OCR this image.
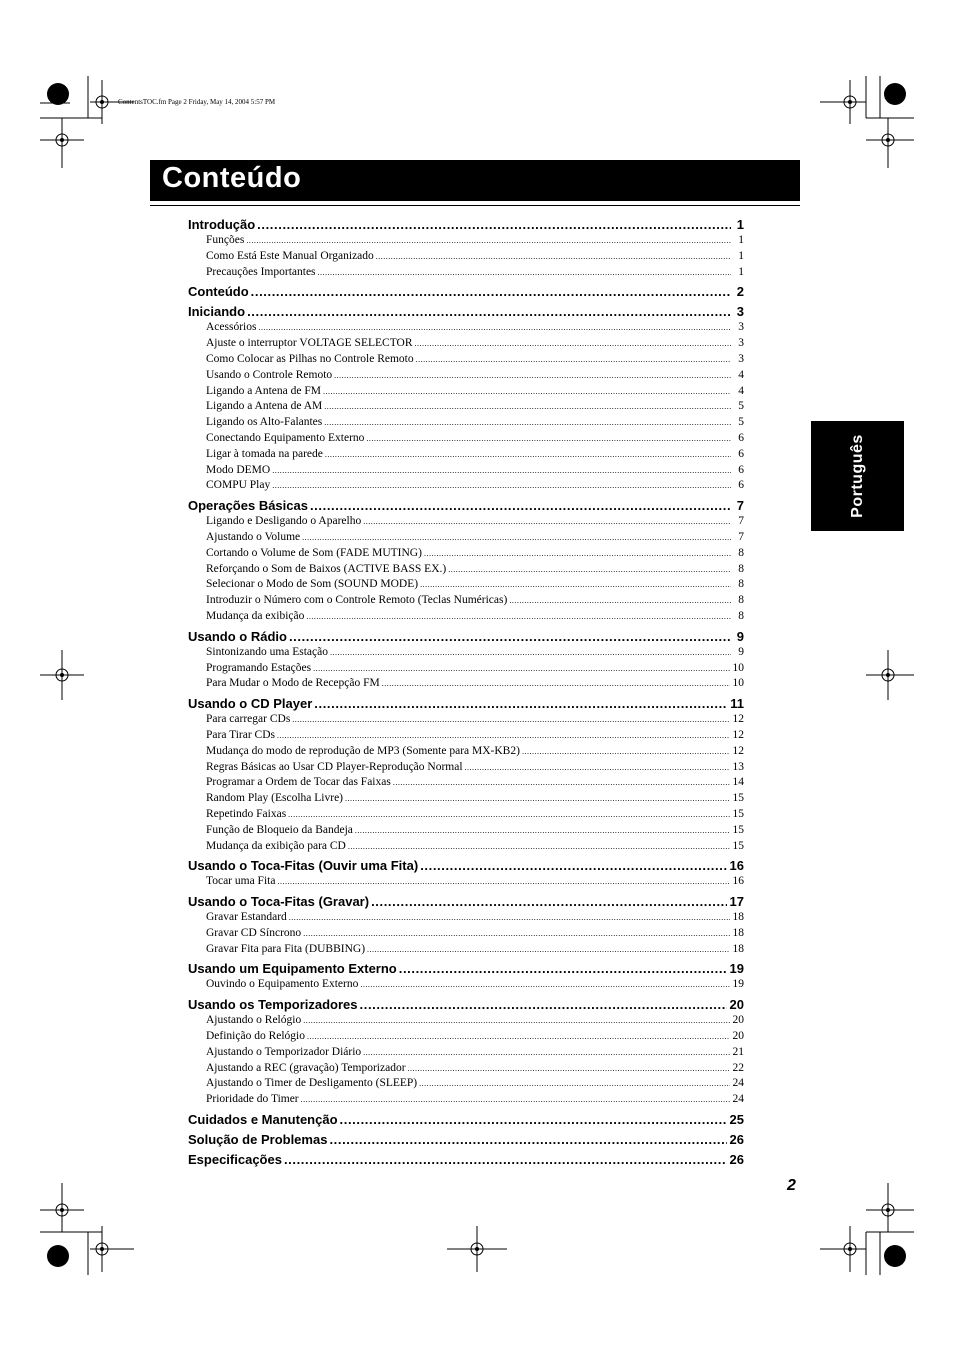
ContentsTOC.fm Page 2 Friday, May 14, 2004 5:57 PM
Conteúdo
Português
Introdução .....	1
Funções .....	1
Como Está Este Manual Organizado .....	1
Precauções Importantes .....	1
Conteúdo .....	2
Iniciando .....	3
Acessórios .....	3
Ajuste o interruptor VOLTAGE SELECTOR .....	3
Como Colocar as Pilhas no Controle Remoto .....	3
Usando o Controle Remoto .....	4
Ligando a Antena de FM .....	4
Ligando a Antena de AM .....	5
Ligando os Alto-Falantes .....	5
Conectando Equipamento Externo .....	6
Ligar à tomada na parede .....	6
Modo DEMO .....	6
COMPU Play .....	6
Operações Básicas .....	7
Ligando e Desligando o Aparelho .....	7
Ajustando o Volume .....	7
Cortando o Volume de Som (FADE MUTING) .....	8
Reforçando o Som de Baixos (ACTIVE BASS EX.) .....	8
Selecionar o Modo de Som (SOUND MODE) .....	8
Introduzir o Número com o Controle Remoto (Teclas Numéricas) .....	8
Mudança da exibição .....	8
Usando o Rádio .....	9
Sintonizando uma Estação .....	9
Programando Estações .....	10
Para Mudar o Modo de Recepção FM .....	10
Usando o CD Player .....	11
Para carregar CDs .....	12
Para Tirar CDs .....	12
Mudança do modo de reprodução de MP3 (Somente para MX-KB2) .....	12
Regras Básicas ao Usar CD Player-Reprodução Normal .....	13
Programar a Ordem de Tocar das Faixas .....	14
Random Play (Escolha Livre) .....	15
Repetindo Faixas .....	15
Função de Bloqueio da Bandeja .....	15
Mudança da exibição para CD .....	15
Usando o Toca-Fitas (Ouvir uma Fita) .....	16
Tocar uma Fita .....	16
Usando o Toca-Fitas (Gravar) .....	17
Gravar Estandard .....	18
Gravar CD Síncrono .....	18
Gravar Fita para Fita (DUBBING) .....	18
Usando um Equipamento Externo .....	19
Ouvindo o Equipamento Externo .....	19
Usando os Temporizadores .....	20
Ajustando o Relógio .....	20
Definição do Relógio .....	20
Ajustando o Temporizador Diário .....	21
Ajustando a REC (gravação) Temporizador .....	22
Ajustando o Timer de Desligamento (SLEEP) .....	24
Prioridade do Timer .....	24
Cuidados e Manutenção .....	25
Solução de Problemas .....	26
Especificações .....	26
2
